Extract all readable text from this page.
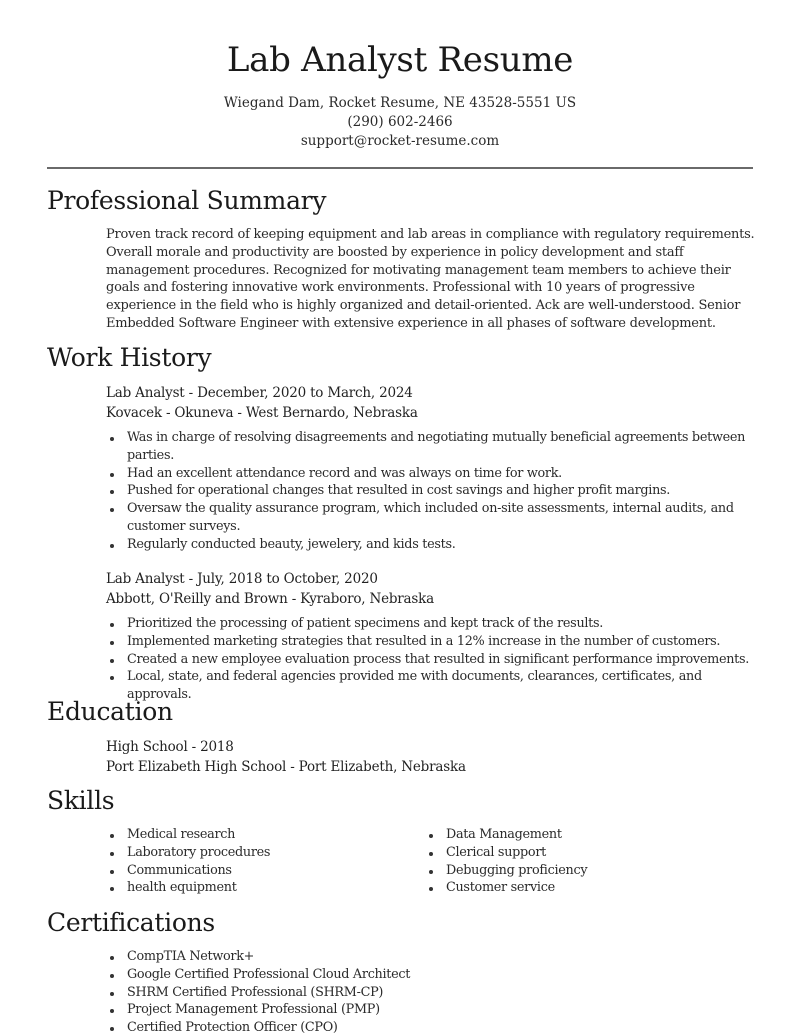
Lab Analyst Resume
Wiegand Dam, Rocket Resume, NE 43528-5551 US
(290) 602-2466
support@rocket-resume.com
Professional Summary

Proven track record of keeping equipment and lab areas in compliance with regulatory requirements. Overall morale and productivity are boosted by experience in policy development and staff management procedures. Recognized for motivating management team members to achieve their goals and fostering innovative work environments. Professional with 10 years of progressive experience in the field who is highly organized and detail-oriented. Ack are well-understood. Senior Embedded Software Engineer with extensive experience in all phases of software development.

Work History
Lab Analyst - December, 2020 to March, 2024
Kovacek - Okuneva - West Bernardo, Nebraska
Was in charge of resolving disagreements and negotiating mutually beneficial agreements between parties.
Had an excellent attendance record and was always on time for work.
Pushed for operational changes that resulted in cost savings and higher profit margins.
Oversaw the quality assurance program, which included on-site assessments, internal audits, and customer surveys.
Regularly conducted beauty, jewelery, and kids tests.
Lab Analyst - July, 2018 to October, 2020
Abbott, O'Reilly and Brown - Kyraboro, Nebraska
Prioritized the processing of patient specimens and kept track of the results.
Implemented marketing strategies that resulted in a 12% increase in the number of customers.
Created a new employee evaluation process that resulted in significant performance improvements.
Local, state, and federal agencies provided me with documents, clearances, certificates, and approvals.
Education
High School - 2018
Port Elizabeth High School - Port Elizabeth, Nebraska
Skills
Medical research
Laboratory procedures
Communications
health equipment
Data Management
Clerical support
Debugging proficiency
Customer service
Certifications
CompTIA Network+
Google Certified Professional Cloud Architect
SHRM Certified Professional (SHRM-CP)
Project Management Professional (PMP)
Certified Protection Officer (CPO)
